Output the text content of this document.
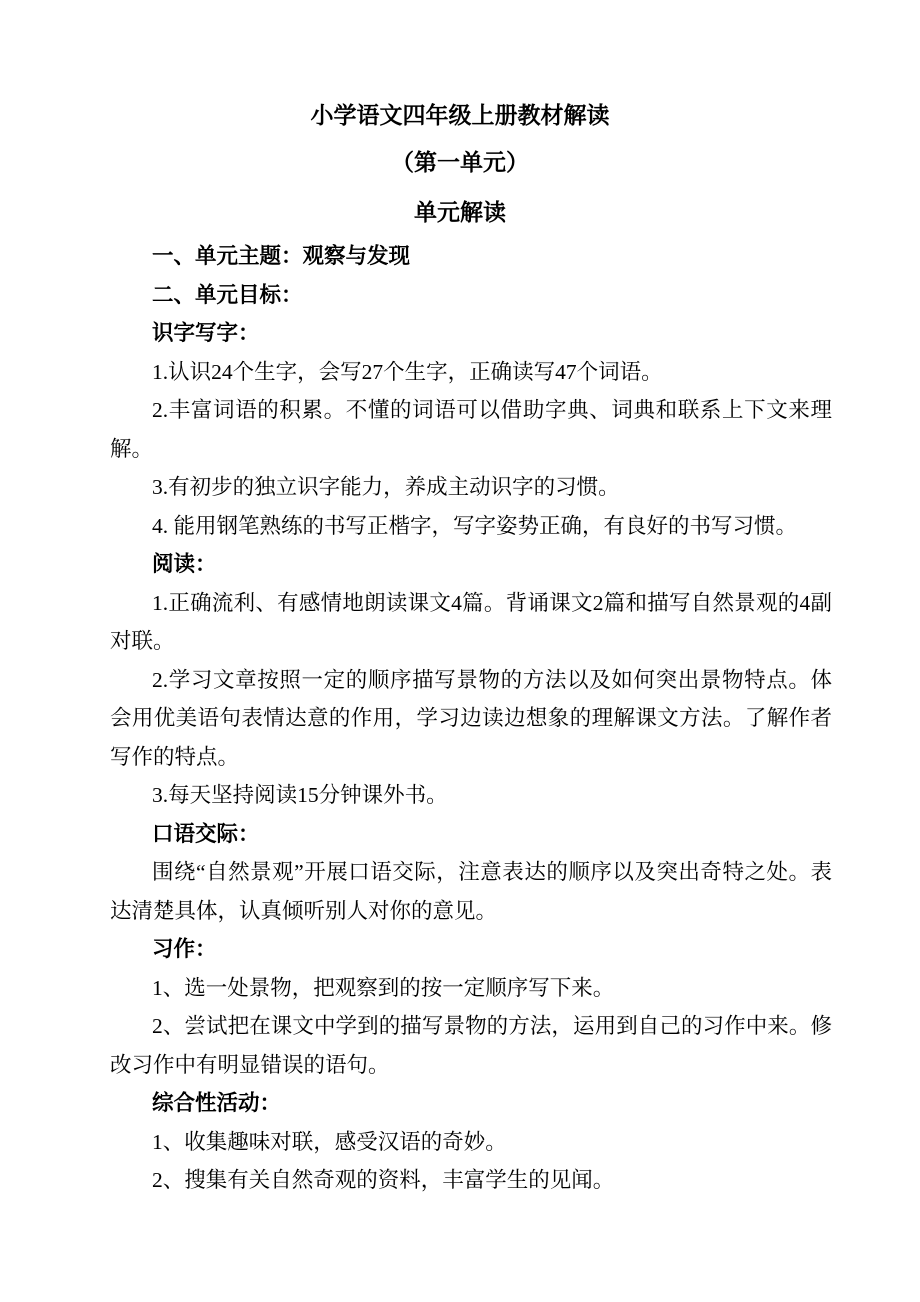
小学语文四年级上册教材解读
（第一单元）
单元解读
一、单元主题：观察与发现
二、单元目标：
识字写字：
1.认识24个生字，会写27个生字，正确读写47个词语。
2.丰富词语的积累。不懂的词语可以借助字典、词典和联系上下文来理解。
3.有初步的独立识字能力，养成主动识字的习惯。
4. 能用钢笔熟练的书写正楷字，写字姿势正确，有良好的书写习惯。
阅读：
1.正确流利、有感情地朗读课文4篇。背诵课文2篇和描写自然景观的4副对联。
2.学习文章按照一定的顺序描写景物的方法以及如何突出景物特点。体会用优美语句表情达意的作用，学习边读边想象的理解课文方法。了解作者写作的特点。
3.每天坚持阅读15分钟课外书。
口语交际：
围绕“自然景观”开展口语交际，注意表达的顺序以及突出奇特之处。表达清楚具体，认真倾听别人对你的意见。
习作：
1、选一处景物，把观察到的按一定顺序写下来。
2、尝试把在课文中学到的描写景物的方法，运用到自己的习作中来。修改习作中有明显错误的语句。
综合性活动：
1、收集趣味对联，感受汉语的奇妙。
2、搜集有关自然奇观的资料，丰富学生的见闻。
